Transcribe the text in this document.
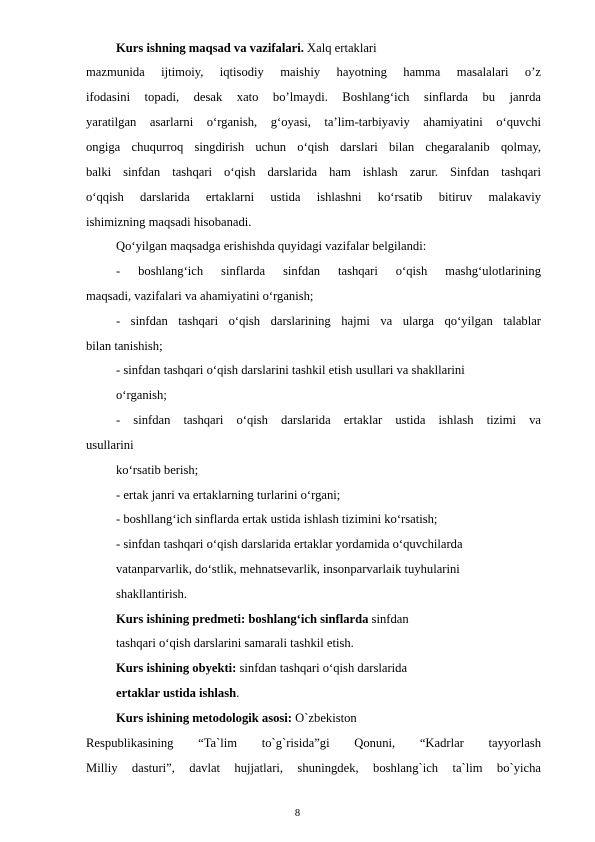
Kurs ishning maqsad va vazifalari. Xalq ertaklari
mazmunida ijtimoiy, iqtisodiy maishiy hayotning hamma masalalari o’z
ifodasini topadi, desak xato bo’lmaydi. Boshlang‘ich sinflarda bu janrda
yaratilgan asarlarni o‘rganish, g‘oyasi, ta’lim-tarbiyaviy ahamiyatini o‘quvchi
ongiga chuqurroq singdirish uchun o‘qish darslari bilan chegaralanib qolmay,
balki sinfdan tashqari o‘qish darslarida ham ishlash zarur. Sinfdan tashqari
o‘qqish darslarida ertaklarni ustida ishlashni ko‘rsatib bitiruv malakaviy
ishimizning maqsadi hisobanadi.
Qo‘yilgan maqsadga erishishda quyidagi vazifalar belgilandi:
- boshlang‘ich sinflarda sinfdan tashqari o‘qish mashg‘ulotlarining
maqsadi, vazifalari va ahamiyatini o‘rganish;
- sinfdan tashqari o‘qish darslarining hajmi va ularga qo‘yilgan talablar
bilan tanishish;
- sinfdan tashqari o‘qish darslarini tashkil etish usullari va shakllarini
o‘rganish;
- sinfdan tashqari o‘qish darslarida ertaklar ustida ishlash tizimi va
usullarini
ko‘rsatib berish;
- ertak janri va ertaklarning turlarini o‘rgani;
- boshllang‘ich sinflarda ertak ustida ishlash tizimini ko‘rsatish;
- sinfdan tashqari o‘qish darslarida ertaklar yordamida o‘quvchilarda
vatanparvarlik, do‘stlik, mehnatsevarlik, insonparvarlaik tuyhularini
shakllantirish.
Kurs ishining predmeti: boshlang‘ich sinflarda sinfdan
tashqari o‘qish darslarini samarali tashkil etish.
Kurs ishining obyekti: sinfdan tashqari o‘qish darslarida
ertaklar ustida ishlash.
Kurs ishining metodologik asosi: O`zbekiston
Respublikasining “Ta`lim to`g`risida”gi Qonuni, “Kadrlar tayyorlash
Milliy dasturi”, davlat hujjatlari, shuningdek, boshlang`ich ta`lim bo`yicha
8
